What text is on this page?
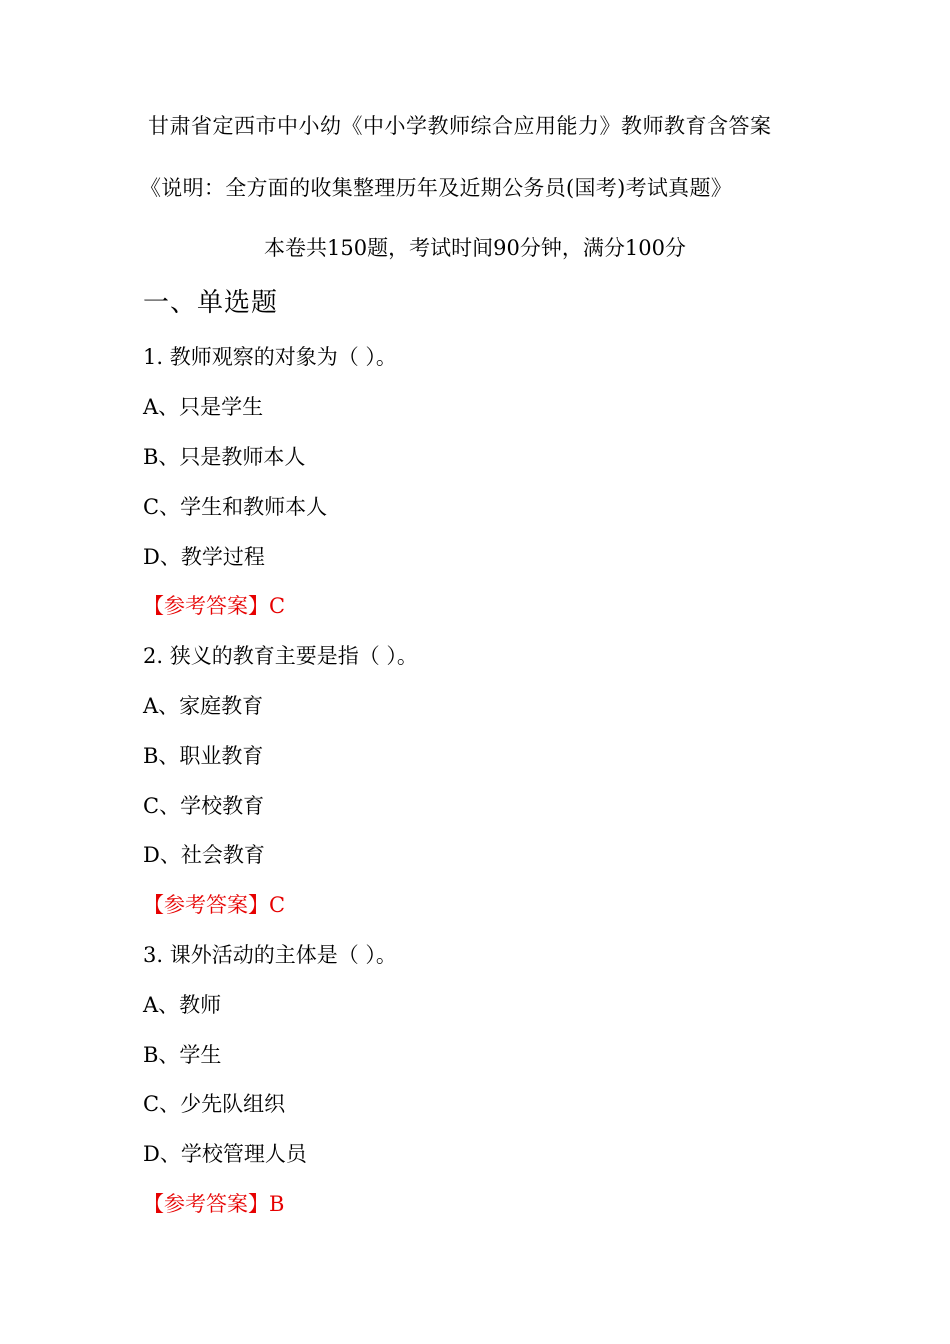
甘肃省定西市中小幼《中小学教师综合应用能力》教师教育含答案
《说明：全方面的收集整理历年及近期公务员(国考)考试真题》
本卷共150题，考试时间90分钟，满分100分
一、单选题
1. 教师观察的对象为（ ）。
A、只是学生
B、只是教师本人
C、学生和教师本人
D、教学过程
【参考答案】C
2. 狭义的教育主要是指（ ）。
A、家庭教育
B、职业教育
C、学校教育
D、社会教育
【参考答案】C
3. 课外活动的主体是（ ）。
A、教师
B、学生
C、少先队组织
D、学校管理人员
【参考答案】B
